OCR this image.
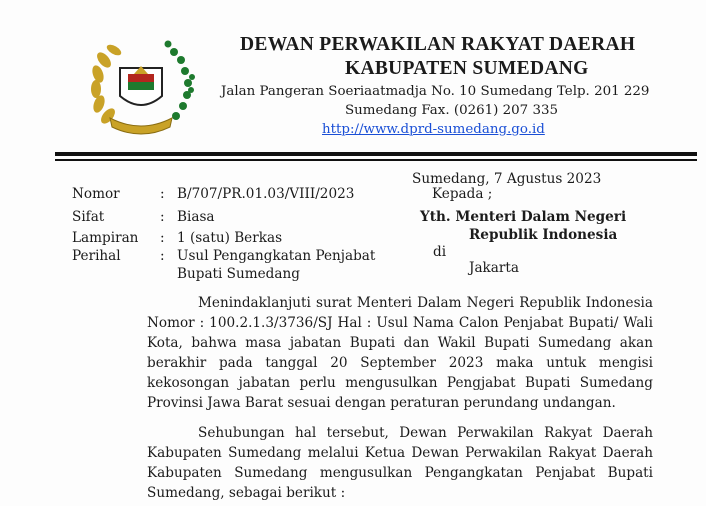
DEWAN PERWAKILAN RAKYAT DAERAH
KABUPATEN SUMEDANG
Jalan Pangeran Soeriaatmadja No. 10 Sumedang Telp. 201 229
Sumedang Fax. (0261) 207 335
http://www.dprd-sumedang.go.id
Sumedang, 7 Agustus 2023
Nomor	: B/707/PR.01.03/VIII/2023
Sifat	: Biasa
Lampiran : 1 (satu) Berkas
Perihal	: Usul Pengangkatan Penjabat
Bupati Sumedang
Kepada ;
Yth. Menteri Dalam Negeri
Republik Indonesia
di
Jakarta
Menindaklanjuti surat Menteri Dalam Negeri Republik Indonesia
Nomor : 100.2.1.3/3736/SJ Hal : Usul Nama Calon Penjabat Bupati/ Wali
Kota, bahwa masa jabatan Bupati dan Wakil Bupati Sumedang akan
berakhir pada tanggal 20 September 2023 maka untuk mengisi
kekosongan jabatan perlu mengusulkan Pengjabat Bupati Sumedang
Provinsi Jawa Barat sesuai dengan peraturan perundang undangan.
Sehubungan hal tersebut, Dewan Perwakilan Rakyat Daerah
Kabupaten Sumedang melalui Ketua Dewan Perwakilan Rakyat Daerah
Kabupaten Sumedang mengusulkan Pengangkatan Penjabat Bupati
Sumedang, sebagai berikut :
